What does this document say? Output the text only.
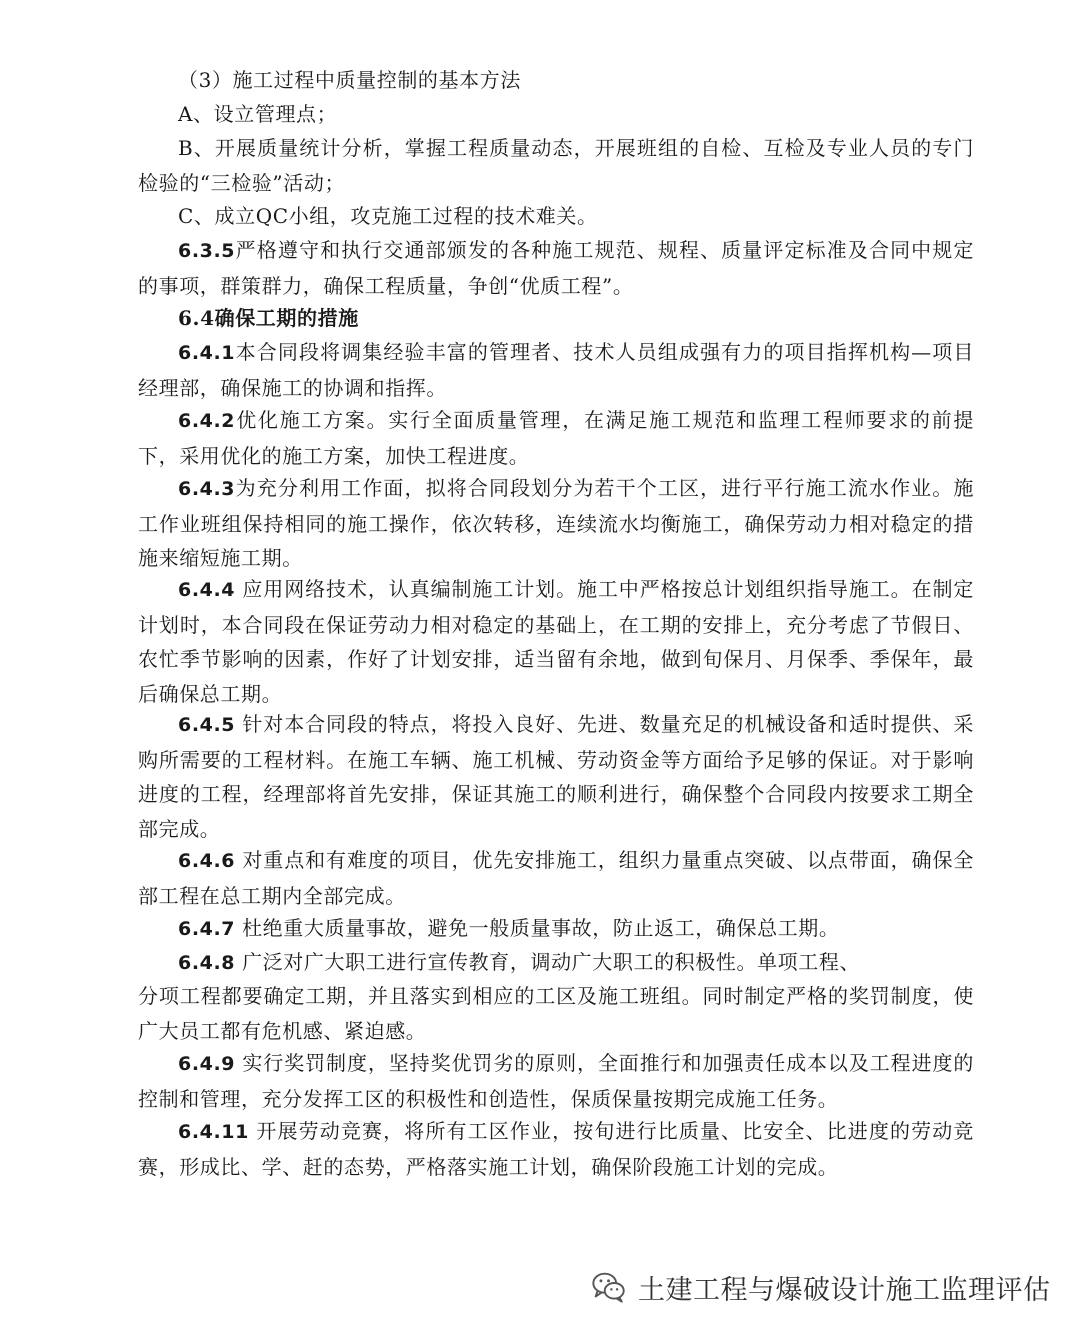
（3）施工过程中质量控制的基本方法
A、设立管理点；
B、开展质量统计分析，掌握工程质量动态，开展班组的自检、互检及专业人员的专门检验的“三检验”活动；
C、成立QC小组，攻克施工过程的技术难关。
6.3.5严格遵守和执行交通部颁发的各种施工规范、规程、质量评定标准及合同中规定的事项，群策群力，确保工程质量，争创“优质工程”。
6.4确保工期的措施
6.4.1本合同段将调集经验丰富的管理者、技术人员组成强有力的项目指挥机构—项目经理部，确保施工的协调和指挥。
6.4.2优化施工方案。实行全面质量管理，在满足施工规范和监理工程师要求的前提下，采用优化的施工方案，加快工程进度。
6.4.3为充分利用工作面，拟将合同段划分为若干个工区，进行平行施工流水作业。施工作业班组保持相同的施工操作，依次转移，连续流水均衡施工，确保劳动力相对稳定的措施来缩短施工期。
6.4.4 应用网络技术，认真编制施工计划。施工中严格按总计划组织指导施工。在制定计划时，本合同段在保证劳动力相对稳定的基础上，在工期的安排上，充分考虑了节假日、农忙季节影响的因素，作好了计划安排，适当留有余地，做到旬保月、月保季、季保年，最后确保总工期。
6.4.5 针对本合同段的特点，将投入良好、先进、数量充足的机械设备和适时提供、采购所需要的工程材料。在施工车辆、施工机械、劳动资金等方面给予足够的保证。对于影响进度的工程，经理部将首先安排，保证其施工的顺利进行，确保整个合同段内按要求工期全部完成。
6.4.6 对重点和有难度的项目，优先安排施工，组织力量重点突破、以点带面，确保全部工程在总工期内全部完成。
6.4.7 杜绝重大质量事故，避免一般质量事故，防止返工，确保总工期。
6.4.8 广泛对广大职工进行宣传教育，调动广大职工的积极性。单项工程、
分项工程都要确定工期，并且落实到相应的工区及施工班组。同时制定严格的奖罚制度，使广大员工都有危机感、紧迫感。
6.4.9 实行奖罚制度，坚持奖优罚劣的原则，全面推行和加强责任成本以及工程进度的控制和管理，充分发挥工区的积极性和创造性，保质保量按期完成施工任务。
6.4.11 开展劳动竞赛，将所有工区作业，按旬进行比质量、比安全、比进度的劳动竞赛，形成比、学、赶的态势，严格落实施工计划，确保阶段施工计划的完成。
土建工程与爆破设计施工监理评估
